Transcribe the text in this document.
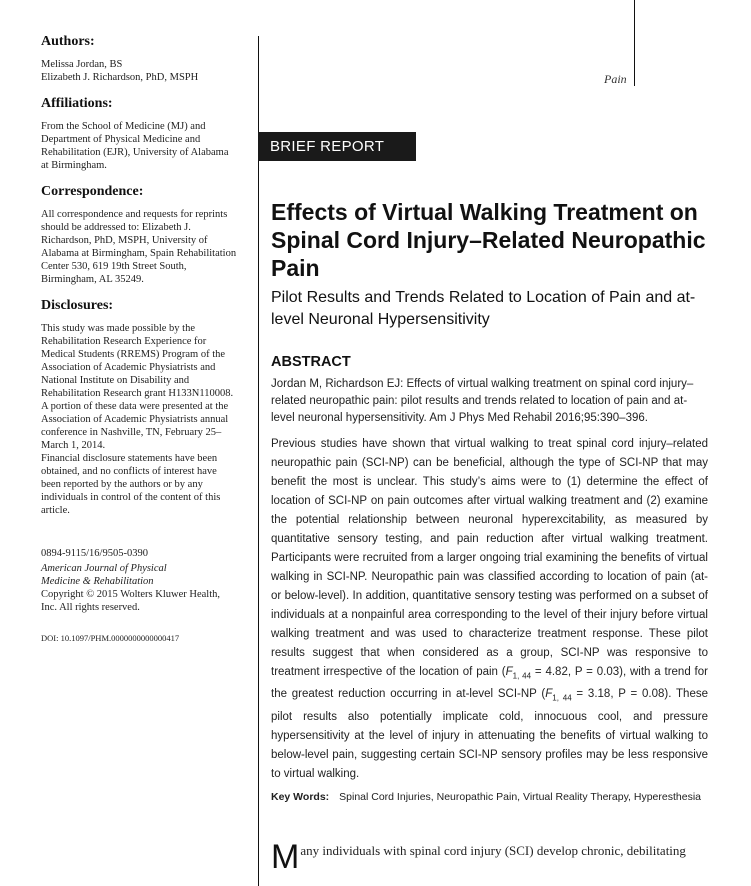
Authors:
Melissa Jordan, BS
Elizabeth J. Richardson, PhD, MSPH
Affiliations:

From the School of Medicine (MJ) and Department of Physical Medicine and Rehabilitation (EJR), University of Alabama at Birmingham.

Correspondence:

All correspondence and requests for reprints should be addressed to: Elizabeth J. Richardson, PhD, MSPH, University of Alabama at Birmingham, Spain Rehabilitation Center 530, 619 19th Street South, Birmingham, AL 35249.

Disclosures:

This study was made possible by the Rehabilitation Research Experience for Medical Students (RREMS) Program of the Association of Academic Physiatrists and National Institute on Disability and Rehabilitation Research grant H133N110008.

A portion of these data were presented at the Association of Academic Physiatrists annual conference in Nashville, TN, February 25–March 1, 2014.

Financial disclosure statements have been obtained, and no conflicts of interest have been reported by the authors or by any individuals in control of the content of this article.

0894-9115/16/9505-0390

American Journal of Physical

Medicine & Rehabilitation

Copyright © 2015 Wolters Kluwer Health, Inc. All rights reserved.

DOI: 10.1097/PHM.0000000000000417

Pain
BRIEF REPORT
Effects of Virtual Walking Treatment on Spinal Cord Injury–Related Neuropathic Pain
Pilot Results and Trends Related to Location of Pain and at-level Neuronal Hypersensitivity
ABSTRACT

Jordan M, Richardson EJ: Effects of virtual walking treatment on spinal cord injury–related neuropathic pain: pilot results and trends related to location of pain and at-level neuronal hypersensitivity. Am J Phys Med Rehabil 2016;95:390–396.

Previous studies have shown that virtual walking to treat spinal cord injury–related neuropathic pain (SCI-NP) can be beneficial, although the type of SCI-NP that may benefit the most is unclear. This study’s aims were to (1) determine the effect of location of SCI-NP on pain outcomes after virtual walking treatment and (2) examine the potential relationship between neuronal hyperexcitability, as measured by quantitative sensory testing, and pain reduction after virtual walking treatment. Participants were recruited from a larger ongoing trial examining the benefits of virtual walking in SCI-NP. Neuropathic pain was classified according to location of pain (at- or below-level). In addition, quantitative sensory testing was performed on a subset of individuals at a nonpainful area corresponding to the level of their injury before virtual walking treatment and was used to characterize treatment response. These pilot results suggest that when considered as a group, SCI-NP was responsive to treatment irrespective of the location of pain ($F_{1, 44} = 4.82$, P = 0.03), with a trend for the greatest reduction occurring in at-level SCI-NP ($F_{1, 44} = 3.18$, P = 0.08). These pilot results also potentially implicate cold, innocuous cool, and pressure hypersensitivity at the level of injury in attenuating the benefits of virtual walking to below-level pain, suggesting certain SCI-NP sensory profiles may be less responsive to virtual walking.

Key Words: Spinal Cord Injuries, Neuropathic Pain, Virtual Reality Therapy, Hyperesthesia
Many individuals with spinal cord injury (SCI) develop chronic, debilitating
